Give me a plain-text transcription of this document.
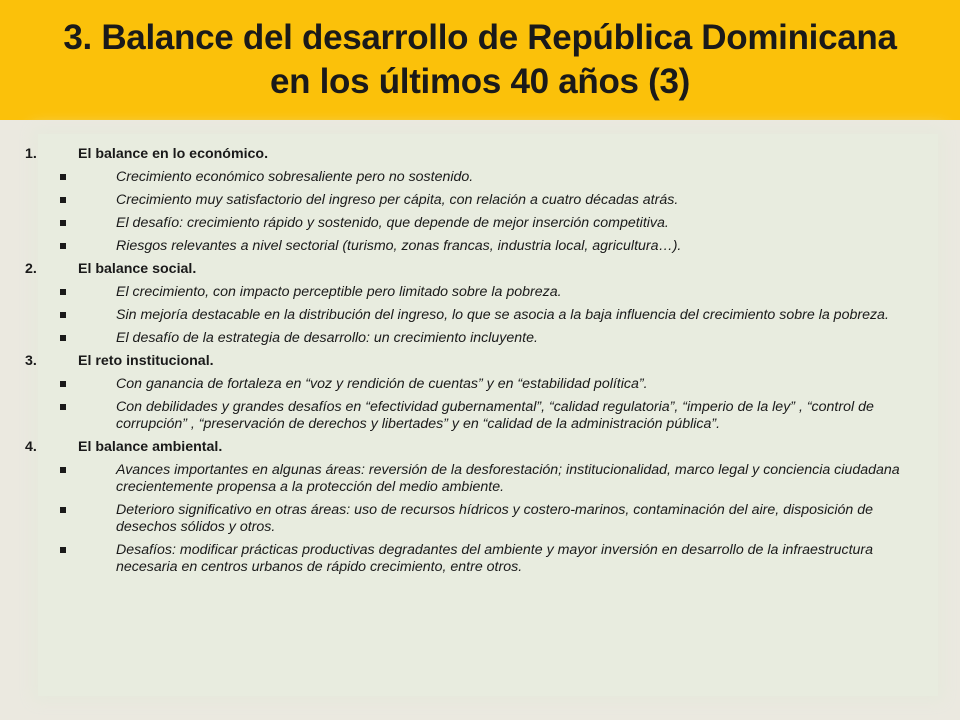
3. Balance del desarrollo de República Dominicana
en los últimos 40 años (3)
1.	El balance en lo económico.
Crecimiento económico sobresaliente pero no sostenido.
Crecimiento muy satisfactorio del ingreso per cápita, con relación a cuatro décadas atrás.
El desafío: crecimiento rápido y sostenido, que depende de mejor inserción competitiva.
Riesgos relevantes a nivel sectorial (turismo, zonas francas, industria local, agricultura…).
2.	El balance social.
El crecimiento, con impacto perceptible pero limitado sobre la pobreza.
Sin mejoría destacable en la distribución del ingreso, lo que se asocia a la baja influencia del crecimiento sobre la pobreza.
El desafío de la estrategia de desarrollo: un crecimiento incluyente.
3.	El reto institucional.
Con ganancia de fortaleza en “voz y rendición de cuentas” y en “estabilidad política”.
Con debilidades y grandes desafíos en “efectividad gubernamental”, “calidad regulatoria”, “imperio de la ley” , “control de corrupción” , “preservación de derechos y libertades” y en “calidad de la administración pública”.
4.	El balance ambiental.
Avances importantes en algunas áreas: reversión de la desforestación; institucionalidad, marco legal y conciencia ciudadana crecientemente propensa a la protección del medio ambiente.
Deterioro significativo en otras áreas: uso de recursos hídricos y costero-marinos, contaminación del aire, disposición de desechos sólidos y otros.
Desafíos: modificar prácticas productivas degradantes del ambiente y mayor inversión en desarrollo de la infraestructura necesaria en centros urbanos de rápido crecimiento, entre otros.
